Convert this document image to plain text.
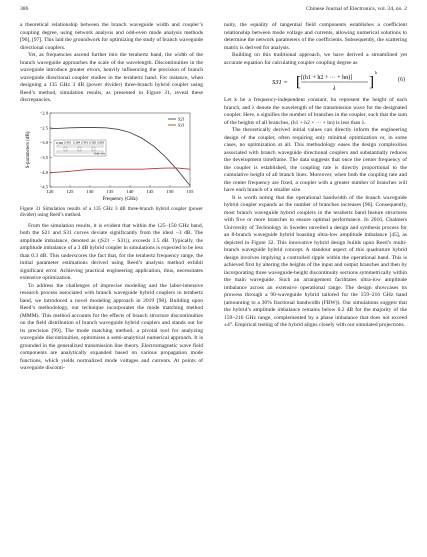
386	Chinese Journal of Electronics, vol. 34, no. 2

a theoretical relationship between the branch waveguide width and coupler’s coupling degree, using network analysis and odd-even mode analysis methods [96], [97]. This laid the groundwork for optimizing the study of branch waveguide directional couplers.

Yet, as frequencies ascend further into the terahertz band, the width of the branch waveguide approaches the scale of the wavelength. Discontinuities in the waveguide introduce greater errors, heavily influencing the precision of branch waveguide directional coupler studies in the terahertz band. For instance, when designing a 135 GHz 3 dB (power divider) three-branch hybrid coupler using Reed’s method, simulation results, as presented in Figure 31, reveal these discrepancies.

120	125	130	135	140	145	150	155
−2.0
−2.5
−3.0
−3.5
−4.0
−4.5
Frequency (GHz)
S-parameters (dB)
S21
S31
0.355 0.342 0.184 0.342 0.355 0.826
Unit: mm
Figure 31 Simulation results of a 135 GHz 3 dB three-branch hybrid coupler (power divider) using Reed’s method.

From the simulation results, it is evident that within the 125–150 GHz band, both the S21 and S31 curves deviate significantly from the ideal −3 dB. The amplitude imbalance, denoted as (|S21 − S31|), exceeds 1.5 dB. Typically, the amplitude imbalance of a 3 dB hybrid coupler in simulations is expected to be less than 0.3 dB. This underscores the fact that, for the terahertz frequency range, the initial parameter estimations derived using Reed’s analysis method exhibit significant error. Achieving practical engineering application, thus, necessitates extensive optimization.

To address the challenges of imprecise modeling and the labor-intensive research process associated with branch waveguide hybrid couplers in terahertz band, we introduced a novel modeling approach in 2019 [98]. Building upon Reed’s methodology, our technique incorporates the mode matching method (MMM). This method accounts for the effects of branch structure discontinuities on the field distribution of branch waveguide hybrid couplers and stands out for its precision [99]. The mode matching method, a pivotal tool for analyzing waveguide discontinuities, epitomizes a semi-analytical numerical approach. It is grounded in the generalized transmission line theory. Electromagnetic wave field components are analytically expanded based on various propagation mode functions, which yields normalized mode voltages and currents. At points of waveguide disconti-

nuity, the equality of tangential field components establishes a coefficient relationship between mode voltage and currents, allowing numerical solutions to determine the network parameters of the coefficients. Subsequently, the scattering matrix is derived for analysis.

Building on this traditional approach, we have derived a streamlined yet accurate equation for calculating coupler coupling degree as

S31 = [ [(h1 + h2 + ··· + hn)]
λ ]
k
(6)

Let k be a frequency-independent constant, hn represent the height of each branch, and λ denote the wavelength of the transmission wave for the designated coupler. Here, n signifies the number of branches in the coupler, such that the sum of the heights of all branches, (h1 + h2 + ··· + hn) is less than λ.

The theoretically derived initial values can directly inform the engineering design of the coupler, often requiring only minimal optimization or, in some cases, no optimization at all. This methodology eases the design complexities associated with branch waveguide directional couplers and substantially reduces the development timeframe. The data suggests that once the center frequency of the coupler is established, the coupling rate is directly proportional to the cumulative height of all branch lines. Moreover, when both the coupling rate and the center frequency are fixed, a coupler with a greater number of branches will have each branch of a smaller size.

It is worth noting that the operational bandwidth of the branch waveguide hybrid coupler expands as the number of branches increases [96]. Consequently, most branch waveguide hybrid couplers in the terahertz band feature structures with five or more branches to ensure optimal performance. In 2016, Chalmers University of Technology in Sweden unveiled a design and synthesis process for an 8-branch waveguide hybrid boasting ultra-low amplitude imbalance [45], as depicted in Figure 32. This innovative hybrid design builds upon Reed’s multi-branch waveguide hybrid concept. A standout aspect of this quadrature hybrid design involves implying a controlled ripple within the operational band. This is achieved first by altering the heights of the input and output branches and then by incorporating three waveguide-height discontinuity sections symmetrically within the main waveguide. Such an arrangement facilitates ultra-low amplitude imbalance across an extensive operational range. The design showcases its prowess through a 90-waveguide hybrid tailored for the 159–216 GHz band (amounting to a 30% fractional bandwidth (FBW)). Our simulations suggest that the hybrid’s amplitude imbalance remains below 0.2 dB for the majority of the 159–216 GHz range, complemented by a phase imbalance that does not exceed ±4°. Empirical testing of the hybrid aligns closely with our simulated projections.
